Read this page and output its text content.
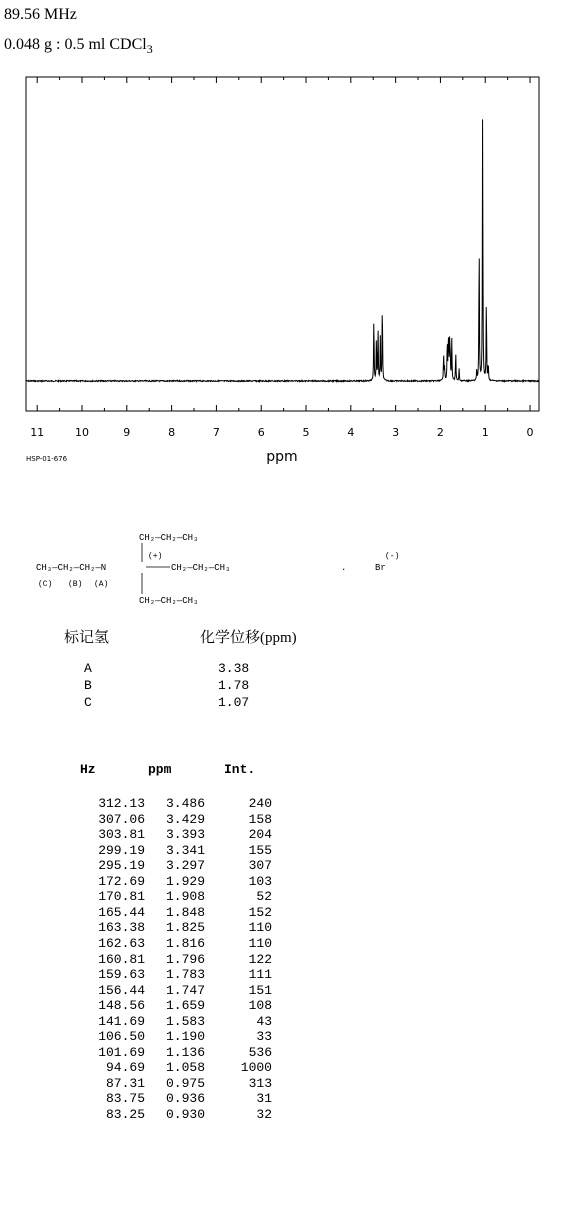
89.56 MHz
0.048 g : 0.5 ml CDCl$_3$
11	10	9	8	7	6	5	4	3	2	1	0
HSP-01-676	ppm
CH₂—CH₂—CH₃
(+)
CH₃—CH₂—CH₂—N	CH₂—CH₂—CH₃
(C) (B) (A)
CH₂—CH₂—CH₃
.	Br
(-)
标记氢	化学位移(ppm)
A	3.38
B	1.78
C	1.07
Hz	ppm	Int.
312.13	3.486	240
307.06	3.429	158
303.81	3.393	204
299.19	3.341	155
295.19	3.297	307
172.69	1.929	103
170.81	1.908	52
165.44	1.848	152
163.38	1.825	110
162.63	1.816	110
160.81	1.796	122
159.63	1.783	111
156.44	1.747	151
148.56	1.659	108
141.69	1.583	43
106.50	1.190	33
101.69	1.136	536
94.69	1.058	1000
87.31	0.975	313
83.75	0.936	31
83.25	0.930	32
